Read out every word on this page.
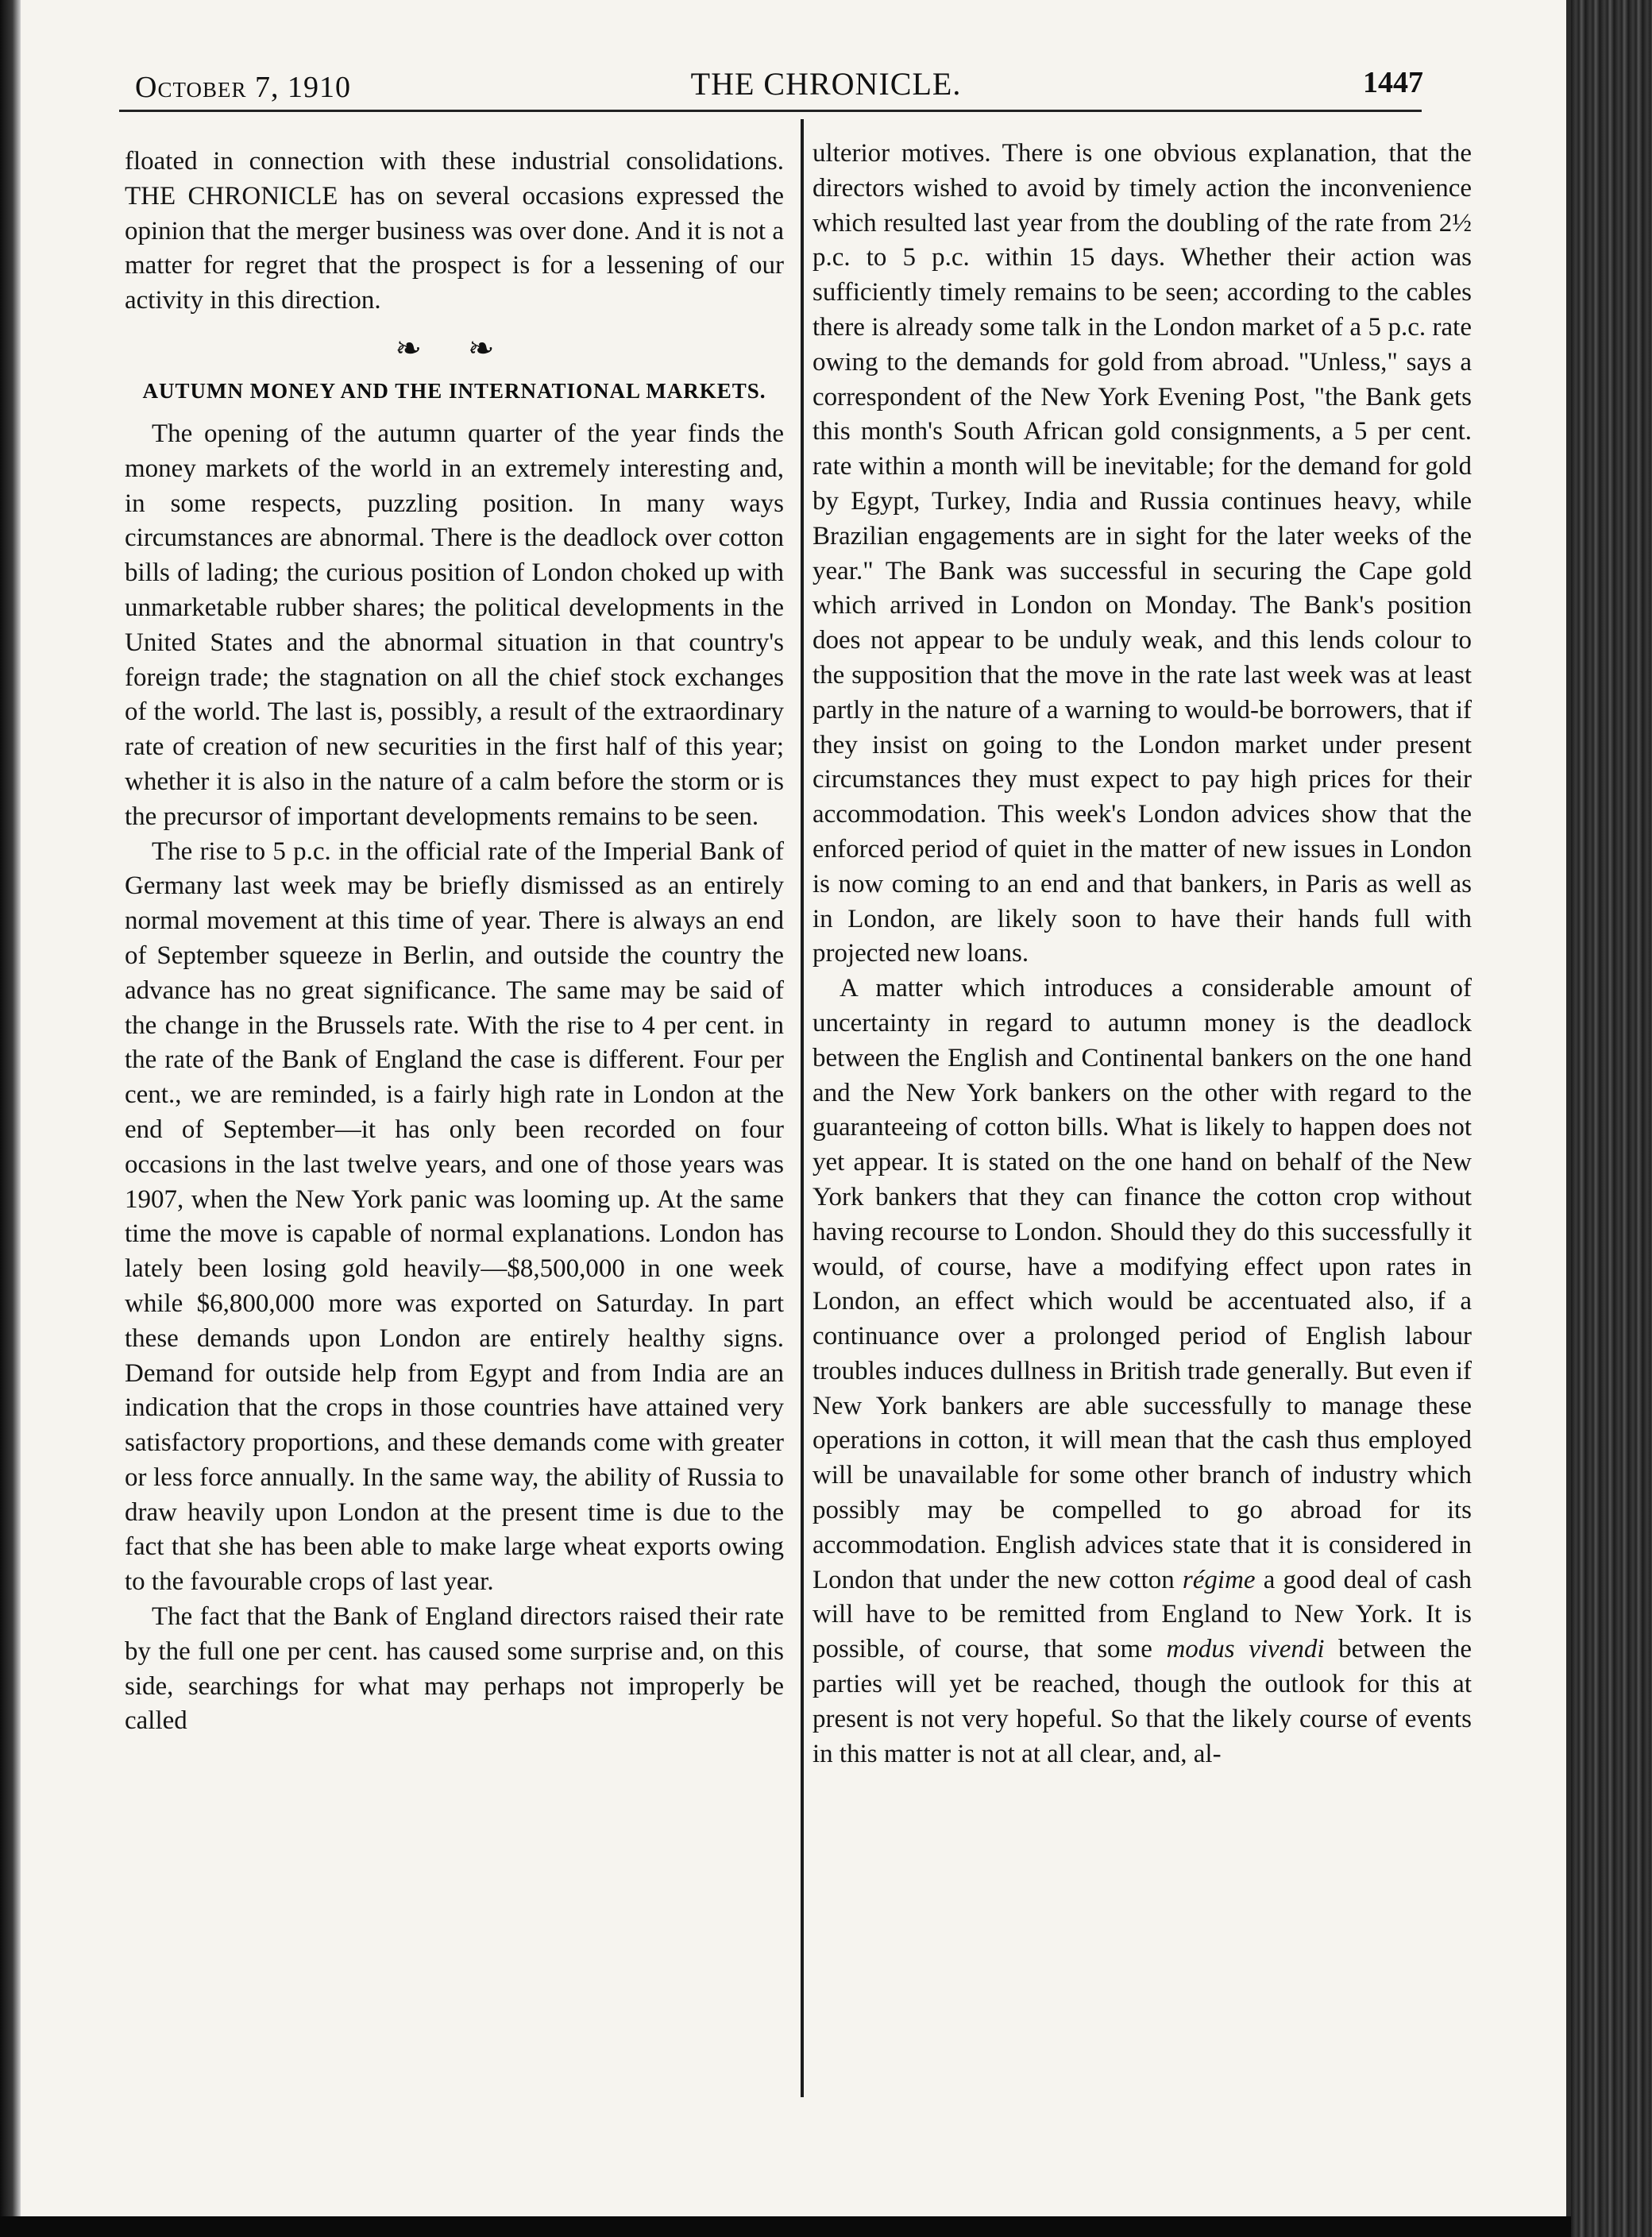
October 7, 1910	THE CHRONICLE.	1447

floated in connection with these industrial consolidations. THE CHRONICLE has on several occasions expressed the opinion that the merger business was over done. And it is not a matter for regret that the prospect is for a lessening of our activity in this direction.

❧ ❧
AUTUMN MONEY AND THE INTERNATIONAL MARKETS.

The opening of the autumn quarter of the year finds the money markets of the world in an extremely interesting and, in some respects, puzzling position. In many ways circumstances are abnormal. There is the deadlock over cotton bills of lading; the curious position of London choked up with unmarketable rubber shares; the political developments in the United States and the abnormal situation in that country's foreign trade; the stagnation on all the chief stock exchanges of the world. The last is, possibly, a result of the extraordinary rate of creation of new securities in the first half of this year; whether it is also in the nature of a calm before the storm or is the precursor of important developments remains to be seen.

The rise to 5 p.c. in the official rate of the Imperial Bank of Germany last week may be briefly dismissed as an entirely normal movement at this time of year. There is always an end of September squeeze in Berlin, and outside the country the advance has no great significance. The same may be said of the change in the Brussels rate. With the rise to 4 per cent. in the rate of the Bank of England the case is different. Four per cent., we are reminded, is a fairly high rate in London at the end of September—it has only been recorded on four occasions in the last twelve years, and one of those years was 1907, when the New York panic was looming up. At the same time the move is capable of normal explanations. London has lately been losing gold heavily—$8,500,000 in one week while $6,800,000 more was exported on Saturday. In part these demands upon London are entirely healthy signs. Demand for outside help from Egypt and from India are an indication that the crops in those countries have attained very satisfactory proportions, and these demands come with greater or less force annually. In the same way, the ability of Russia to draw heavily upon London at the present time is due to the fact that she has been able to make large wheat exports owing to the favourable crops of last year.

The fact that the Bank of England directors raised their rate by the full one per cent. has caused some surprise and, on this side, searchings for what may perhaps not improperly be called

ulterior motives. There is one obvious explanation, that the directors wished to avoid by timely action the inconvenience which resulted last year from the doubling of the rate from 2½ p.c. to 5 p.c. within 15 days. Whether their action was sufficiently timely remains to be seen; according to the cables there is already some talk in the London market of a 5 p.c. rate owing to the demands for gold from abroad. "Unless," says a correspondent of the New York Evening Post, "the Bank gets this month's South African gold consignments, a 5 per cent. rate within a month will be inevitable; for the demand for gold by Egypt, Turkey, India and Russia continues heavy, while Brazilian engagements are in sight for the later weeks of the year." The Bank was successful in securing the Cape gold which arrived in London on Monday. The Bank's position does not appear to be unduly weak, and this lends colour to the supposition that the move in the rate last week was at least partly in the nature of a warning to would-be borrowers, that if they insist on going to the London market under present circumstances they must expect to pay high prices for their accommodation. This week's London advices show that the enforced period of quiet in the matter of new issues in London is now coming to an end and that bankers, in Paris as well as in London, are likely soon to have their hands full with projected new loans.

A matter which introduces a considerable amount of uncertainty in regard to autumn money is the deadlock between the English and Continental bankers on the one hand and the New York bankers on the other with regard to the guaranteeing of cotton bills. What is likely to happen does not yet appear. It is stated on the one hand on behalf of the New York bankers that they can finance the cotton crop without having recourse to London. Should they do this successfully it would, of course, have a modifying effect upon rates in London, an effect which would be accentuated also, if a continuance over a prolonged period of English labour troubles induces dullness in British trade generally. But even if New York bankers are able successfully to manage these operations in cotton, it will mean that the cash thus employed will be unavailable for some other branch of industry which possibly may be compelled to go abroad for its accommodation. English advices state that it is considered in London that under the new cotton régime a good deal of cash will have to be remitted from England to New York. It is possible, of course, that some modus vivendi between the parties will yet be reached, though the outlook for this at present is not very hopeful. So that the likely course of events in this matter is not at all clear, and, al-
